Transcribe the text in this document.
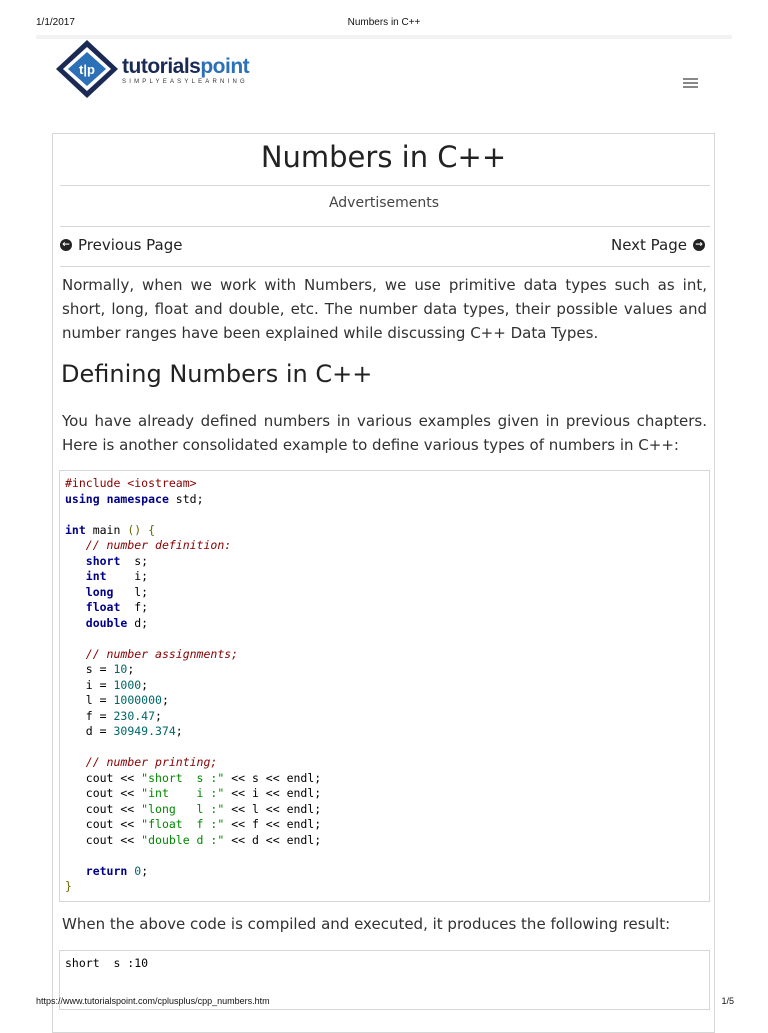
1/1/2017	Numbers in C++
t|p tutorialspoint
SIMPLYEASYLEARNING
Numbers in C++
Advertisements
← Previous Page	Next Page →

Normally, when we work with Numbers, we use primitive data types such as int, short, long, float and double, etc. The number data types, their possible values and number ranges have been explained while discussing C++ Data Types.

Defining Numbers in C++

You have already defined numbers in various examples given in previous chapters. Here is another consolidated example to define various types of numbers in C++:

#include <iostream>
using namespace std;
int main () {
// number definition:
short  s;
int    i;
long   l;
float  f;
double d;
// number assignments;
s = 10;
i = 1000;
l = 1000000;
f = 230.47;
d = 30949.374;
// number printing;
cout << "short  s :" << s << endl;
cout << "int    i :" << i << endl;
cout << "long   l :" << l << endl;
cout << "float  f :" << f << endl;
cout << "double d :" << d << endl;
return 0;
}

When the above code is compiled and executed, it produces the following result:

short  s :10
https://www.tutorialspoint.com/cplusplus/cpp_numbers.htm	1/5
